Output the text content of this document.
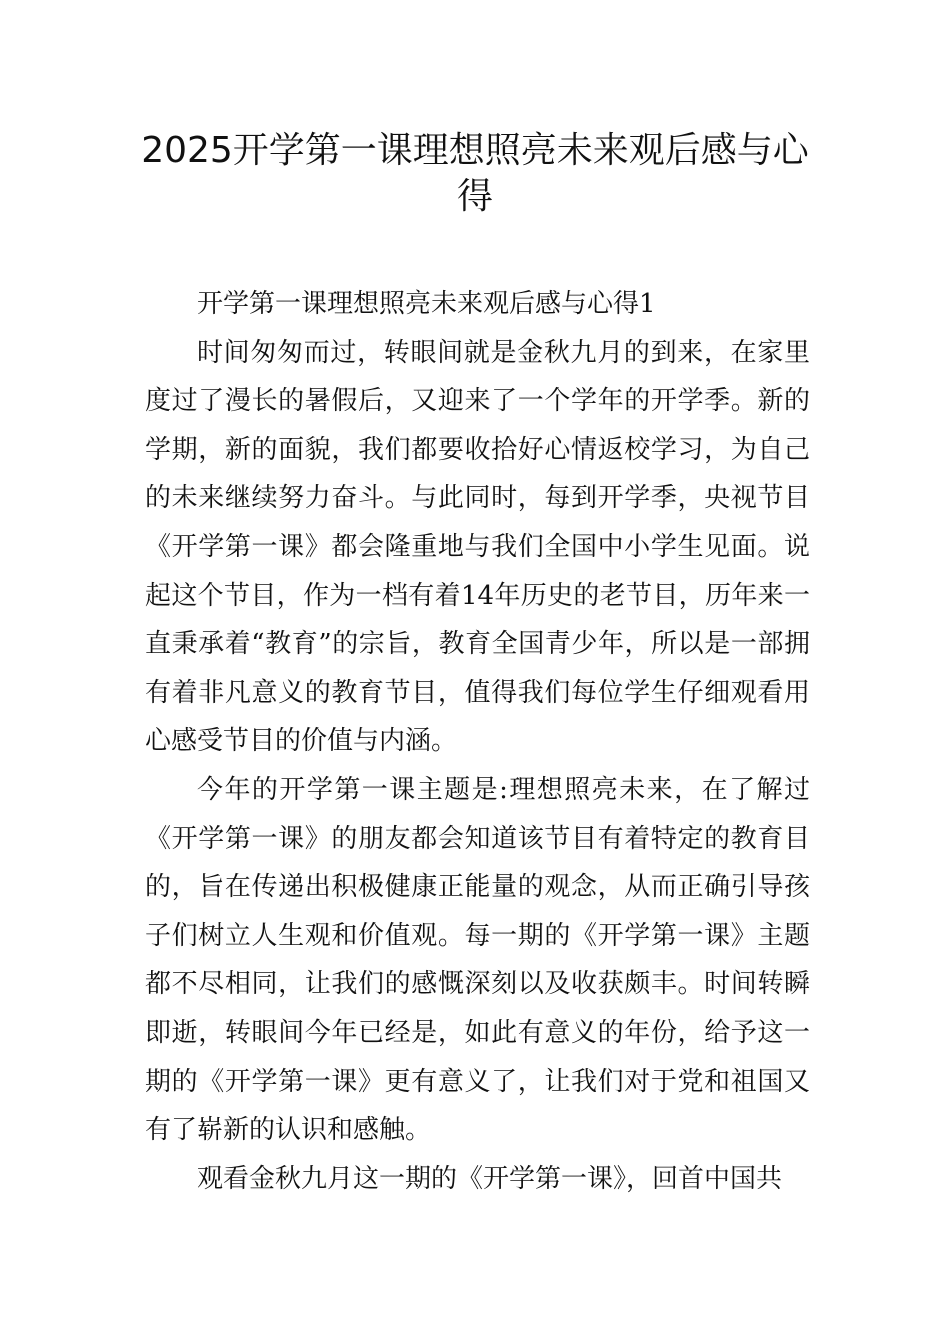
2025开学第一课理想照亮未来观后感与心得

开学第一课理想照亮未来观后感与心得1

时间匆匆而过，转眼间就是金秋九月的到来，在家里度过了漫长的暑假后，又迎来了一个学年的开学季。新的学期，新的面貌，我们都要收拾好心情返校学习，为自己的未来继续努力奋斗。与此同时，每到开学季，央视节目《开学第一课》都会隆重地与我们全国中小学生见面。说起这个节目，作为一档有着14年历史的老节目，历年来一直秉承着“教育”的宗旨，教育全国青少年，所以是一部拥有着非凡意义的教育节目，值得我们每位学生仔细观看用心感受节目的价值与内涵。

今年的开学第一课主题是:理想照亮未来，在了解过《开学第一课》的朋友都会知道该节目有着特定的教育目的，旨在传递出积极健康正能量的观念，从而正确引导孩子们树立人生观和价值观。每一期的《开学第一课》主题都不尽相同，让我们的感慨深刻以及收获颇丰。时间转瞬即逝，转眼间今年已经是，如此有意义的年份，给予这一期的《开学第一课》更有意义了，让我们对于党和祖国又有了崭新的认识和感触。

观看金秋九月这一期的《开学第一课》，回首中国共
